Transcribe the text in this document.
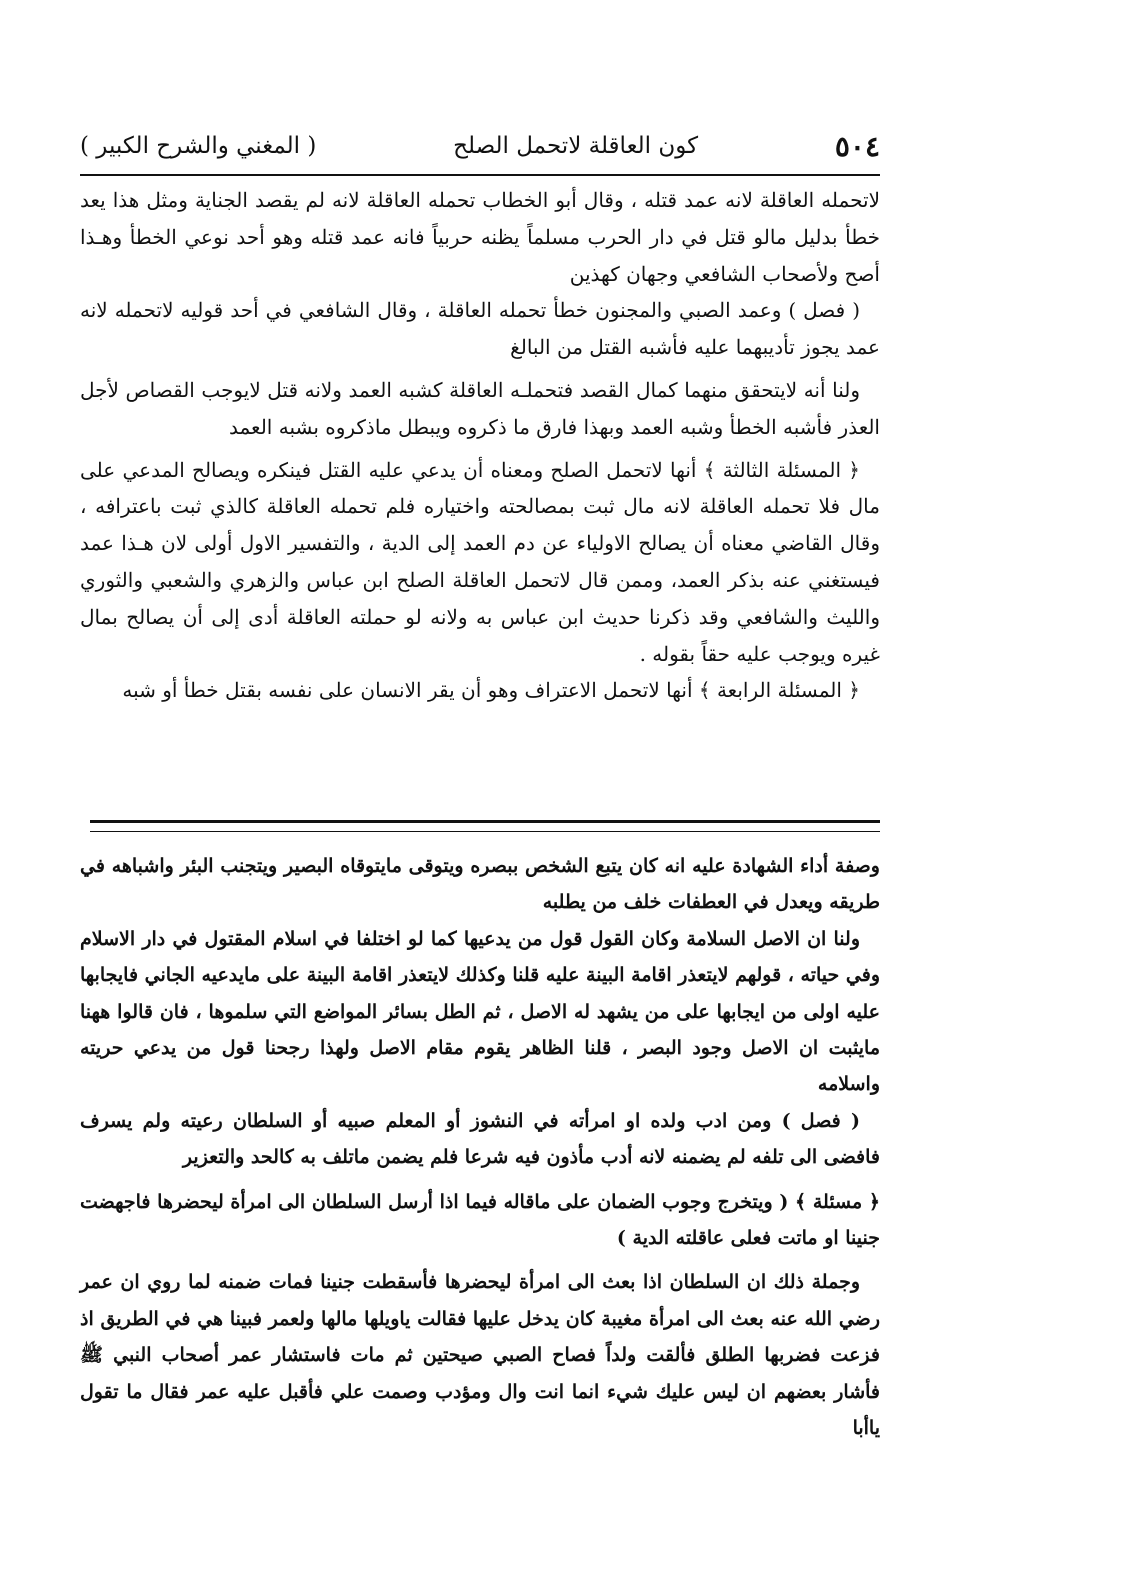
٥٠٤
كون العاقلة لاتحمل الصلح
( المغني والشرح الكبير )

لاتحمله العاقلة لانه عمد قتله ، وقال أبو الخطاب تحمله العاقلة لانه لم يقصد الجناية ومثل هذا يعد خطأ بدليل مالو قتل في دار الحرب مسلماً يظنه حربياً فانه عمد قتله وهو أحد نوعي الخطأ وهـذا أصح ولأصحاب الشافعي وجهان كهذين

( فصل ) وعمد الصبي والمجنون خطأ تحمله العاقلة ، وقال الشافعي في أحد قوليه لاتحمله لانه عمد يجوز تأديبهما عليه فأشبه القتل من البالغ

ولنا أنه لايتحقق منهما كمال القصد فتحملـه العاقلة كشبه العمد ولانه قتل لايوجب القصاص لأجل العذر فأشبه الخطأ وشبه العمد وبهذا فارق ما ذكروه ويبطل ماذكروه بشبه العمد

﴿ المسئلة الثالثة ﴾ أنها لاتحمل الصلح ومعناه أن يدعي عليه القتل فينكره ويصالح المدعي على مال فلا تحمله العاقلة لانه مال ثبت بمصالحته واختياره فلم تحمله العاقلة كالذي ثبت باعترافه ، وقال القاضي معناه أن يصالح الاولياء عن دم العمد إلى الدية ، والتفسير الاول أولى لان هـذا عمد فيستغني عنه بذكر العمد، وممن قال لاتحمل العاقلة الصلح ابن عباس والزهري والشعبي والثوري والليث والشافعي وقد ذكرنا حديث ابن عباس به ولانه لو حملته العاقلة أدى إلى أن يصالح بمال غيره ويوجب عليه حقاً بقوله .

﴿ المسئلة الرابعة ﴾ أنها لاتحمل الاعتراف وهو أن يقر الانسان على نفسه بقتل خطأ أو شبه

وصفة أداء الشهادة عليه انه كان يتبع الشخص ببصره ويتوقى مايتوقاه البصير ويتجنب البئر واشباهه في طريقه ويعدل في العطفات خلف من يطلبه

ولنا ان الاصل السلامة وكان القول قول من يدعيها كما لو اختلفا في اسلام المقتول في دار الاسلام وفي حياته ، قولهم لايتعذر اقامة البينة عليه قلنا وكذلك لايتعذر اقامة البينة على مايدعيه الجاني فايجابها عليه اولى من ايجابها على من يشهد له الاصل ، ثم الطل بسائر المواضع التي سلموها ، فان قالوا ههنا مايثبت ان الاصل وجود البصر ، قلنا الظاهر يقوم مقام الاصل ولهذا رجحنا قول من يدعي حريته واسلامه

( فصل ) ومن ادب ولده او امرأته في النشوز أو المعلم صبيه أو السلطان رعيته ولم يسرف فافضى الى تلفه لم يضمنه لانه أدب مأذون فيه شرعا فلم يضمن ماتلف به كالحد والتعزير

﴿ مسئلة ﴾ ( ويتخرج وجوب الضمان على ماقاله فيما اذا أرسل السلطان الى امرأة ليحضرها فاجهضت جنينا او ماتت فعلى عاقلته الدية )

وجملة ذلك ان السلطان اذا بعث الى امرأة ليحضرها فأسقطت جنينا فمات ضمنه لما روي ان عمر رضي الله عنه بعث الى امرأة مغيبة كان يدخل عليها فقالت ياويلها مالها ولعمر فبينا هي في الطريق اذ فزعت فضربها الطلق فألقت ولداً فصاح الصبي صيحتين ثم مات فاستشار عمر أصحاب النبي ﷺ فأشار بعضهم ان ليس عليك شيء انما انت وال ومؤدب وصمت علي فأقبل عليه عمر فقال ما تقول ياأبا
